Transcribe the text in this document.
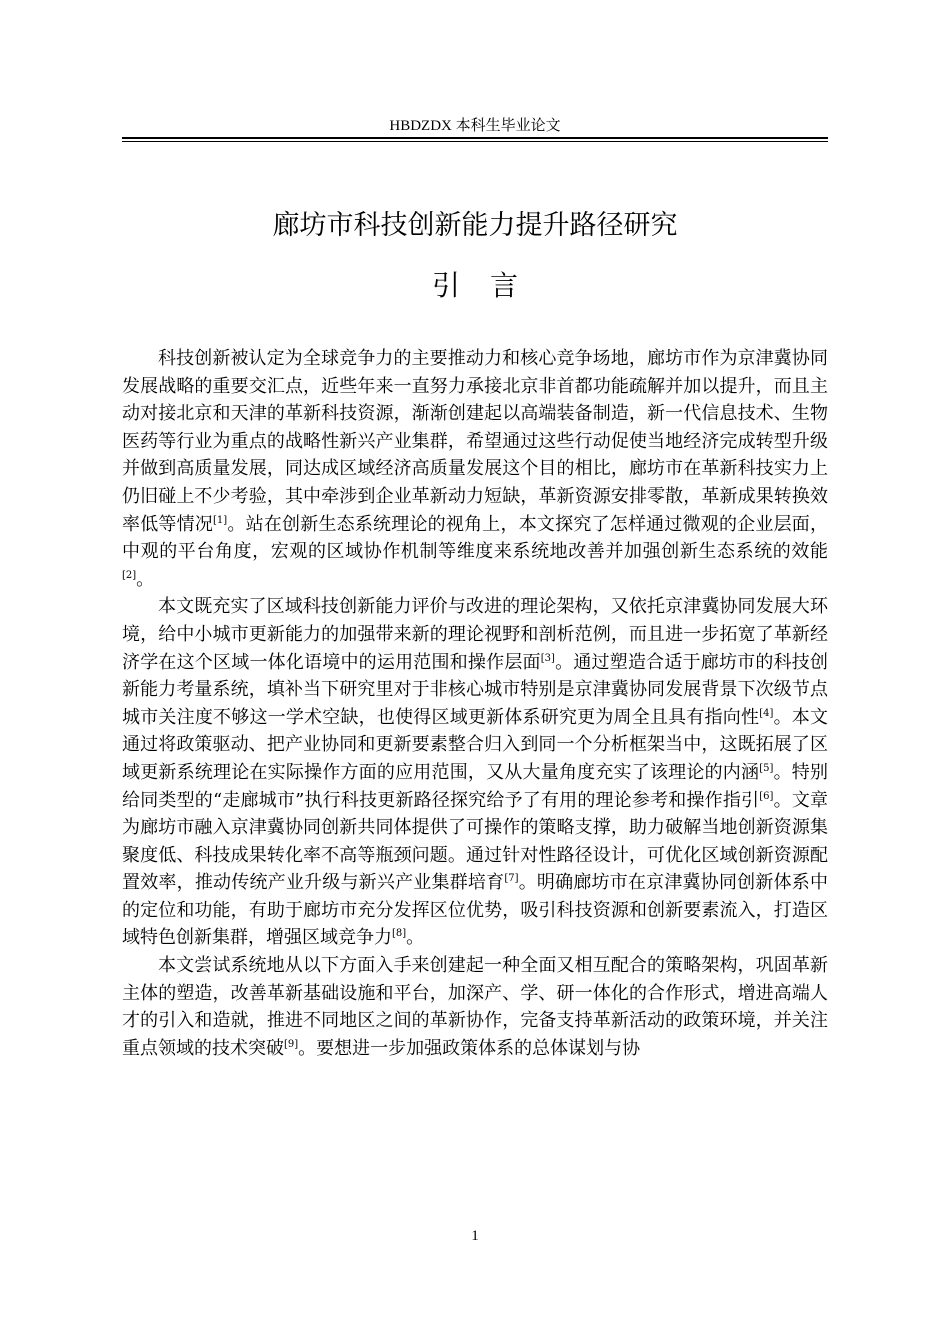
HBDZDX 本科生毕业论文
廊坊市科技创新能力提升路径研究
引言

科技创新被认定为全球竞争力的主要推动力和核心竞争场地，廊坊市作为京津冀协同发展战略的重要交汇点，近些年来一直努力承接北京非首都功能疏解并加以提升，而且主动对接北京和天津的革新科技资源，渐渐创建起以高端装备制造，新一代信息技术、生物医药等行业为重点的战略性新兴产业集群，希望通过这些行动促使当地经济完成转型升级并做到高质量发展，同达成区域经济高质量发展这个目的相比，廊坊市在革新科技实力上仍旧碰上不少考验，其中牵涉到企业革新动力短缺，革新资源安排零散，革新成果转换效率低等情况[1]。站在创新生态系统理论的视角上，本文探究了怎样通过微观的企业层面，中观的平台角度，宏观的区域协作机制等维度来系统地改善并加强创新生态系统的效能[2]。

本文既充实了区域科技创新能力评价与改进的理论架构，又依托京津冀协同发展大环境，给中小城市更新能力的加强带来新的理论视野和剖析范例，而且进一步拓宽了革新经济学在这个区域一体化语境中的运用范围和操作层面[3]。通过塑造合适于廊坊市的科技创新能力考量系统，填补当下研究里对于非核心城市特别是京津冀协同发展背景下次级节点城市关注度不够这一学术空缺，也使得区域更新体系研究更为周全且具有指向性[4]。本文通过将政策驱动、把产业协同和更新要素整合归入到同一个分析框架当中，这既拓展了区域更新系统理论在实际操作方面的应用范围，又从大量角度充实了该理论的内涵[5]。特别给同类型的“走廊城市”执行科技更新路径探究给予了有用的理论参考和操作指引[6]。文章为廊坊市融入京津冀协同创新共同体提供了可操作的策略支撑，助力破解当地创新资源集聚度低、科技成果转化率不高等瓶颈问题。通过针对性路径设计，可优化区域创新资源配置效率，推动传统产业升级与新兴产业集群培育[7]。明确廊坊市在京津冀协同创新体系中的定位和功能，有助于廊坊市充分发挥区位优势，吸引科技资源和创新要素流入，打造区域特色创新集群，增强区域竞争力[8]。

本文尝试系统地从以下方面入手来创建起一种全面又相互配合的策略架构，巩固革新主体的塑造，改善革新基础设施和平台，加深产、学、研一体化的合作形式，增进高端人才的引入和造就，推进不同地区之间的革新协作，完备支持革新活动的政策环境，并关注重点领域的技术突破[9]。要想进一步加强政策体系的总体谋划与协

1
